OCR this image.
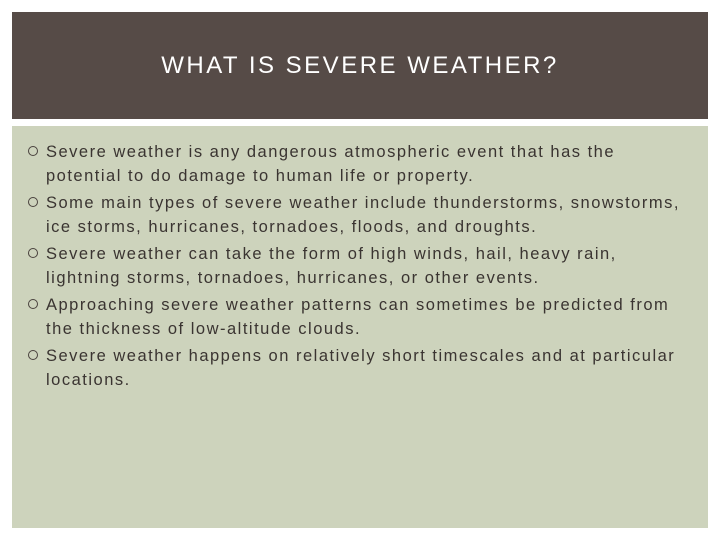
WHAT IS SEVERE WEATHER?
Severe weather is any dangerous atmospheric event that has the potential to do damage to human life or property.
Some main types of severe weather include thunderstorms, snowstorms, ice storms, hurricanes, tornadoes, floods, and droughts.
Severe weather can take the form of high winds, hail, heavy rain, lightning storms, tornadoes, hurricanes, or other events.
Approaching severe weather patterns can sometimes be predicted from the thickness of low-altitude clouds.
Severe weather happens on relatively short timescales and at particular locations.
